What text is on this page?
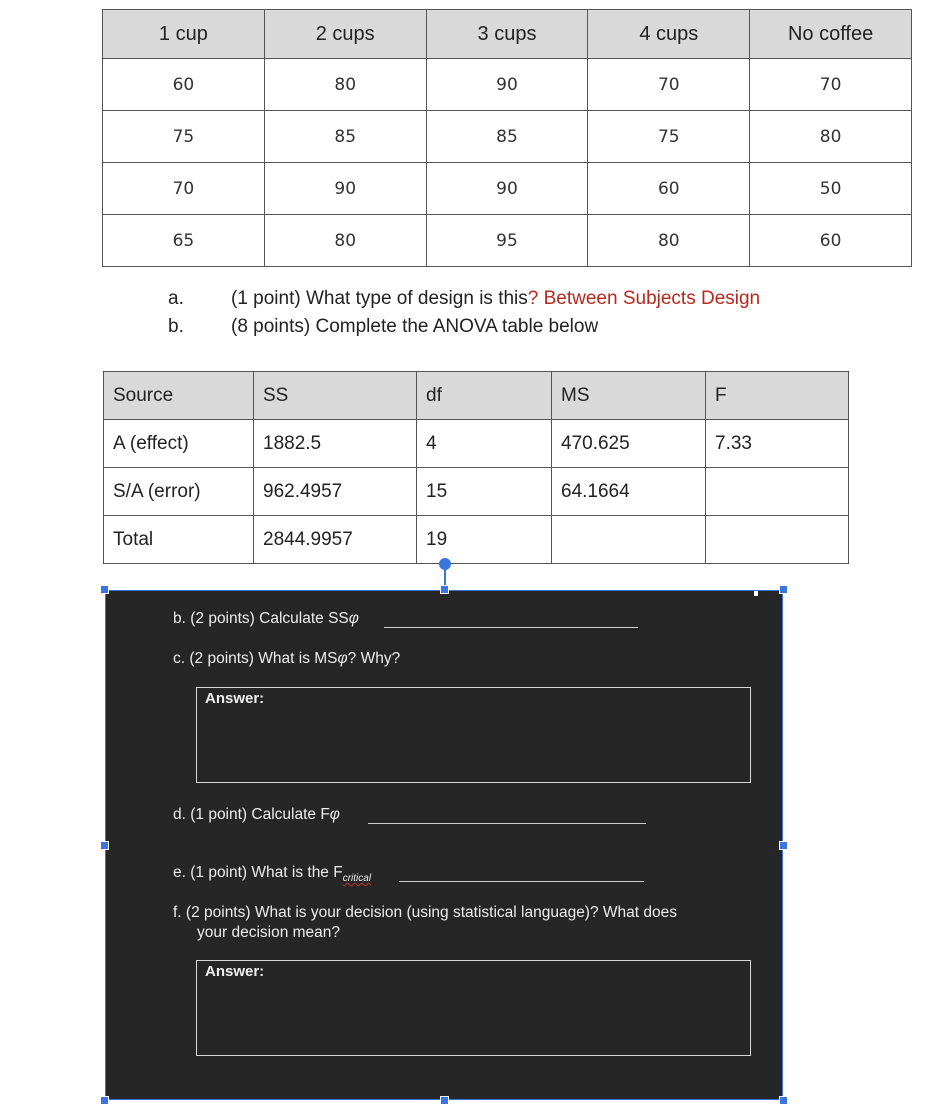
1 cup	2 cups	3 cups	4 cups	No coffee
60	80	90	70	70
75	85	85	75	80
70	90	90	60	50
65	80	95	80	60
a. (1 point) What type of design is this? Between Subjects Design
b. (8 points) Complete the ANOVA table below
Source	SS	df	MS	F
A (effect)	1882.5	4	470.625	7.33
S/A (error)	962.4957	15	64.1664	
Total	2844.9957	19		
b. (2 points) Calculate SSφ
c. (2 points) What is MSφ? Why?
Answer:
d. (1 point) Calculate Fφ
e. (1 point) What is the $F_{critical}$
f. (2 points) What is your decision (using statistical language)? What does
your decision mean?
Answer:
